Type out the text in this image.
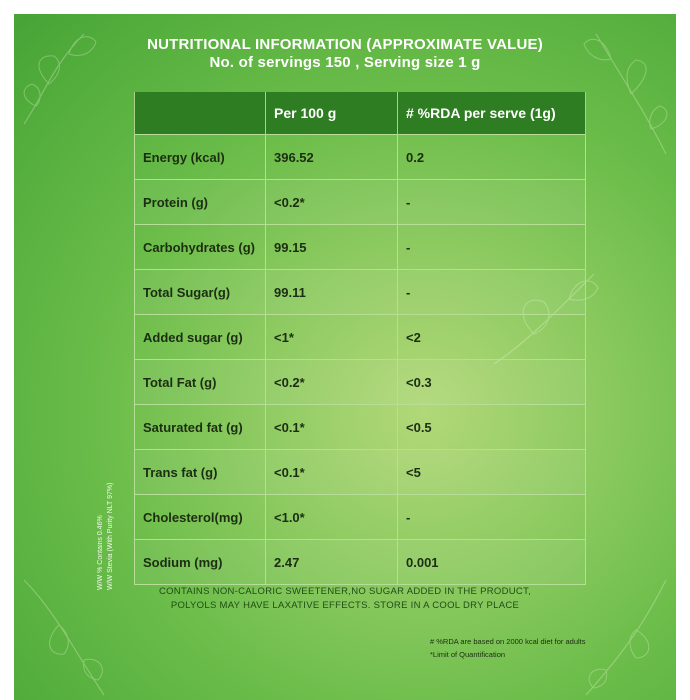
NUTRITIONAL INFORMATION (APPROXIMATE VALUE)
No. of servings 150 , Serving size 1 g
	Per 100 g	# %RDA per serve (1g)
Energy (kcal)	396.52	0.2
Protein (g)	<0.2*	-
Carbohydrates (g)	99.15	-
Total Sugar(g)	99.11	-
Added sugar (g)	<1*	<2
Total Fat (g)	<0.2*	<0.3
Saturated fat (g)	<0.1*	<0.5
Trans fat (g)	<0.1*	<5
Cholesterol(mg)	<1.0*	-
Sodium (mg)	2.47	0.001
W/W % Contains 0.46% W/W Stevia (With Purity NLT 97%)
CONTAINS NON-CALORIC SWEETENER,NO SUGAR ADDED IN THE PRODUCT,
POLYOLS MAY HAVE LAXATIVE EFFECTS. STORE IN A COOL DRY PLACE
# %RDA are based on 2000 kcal diet for adults
*Limit of Quantification
